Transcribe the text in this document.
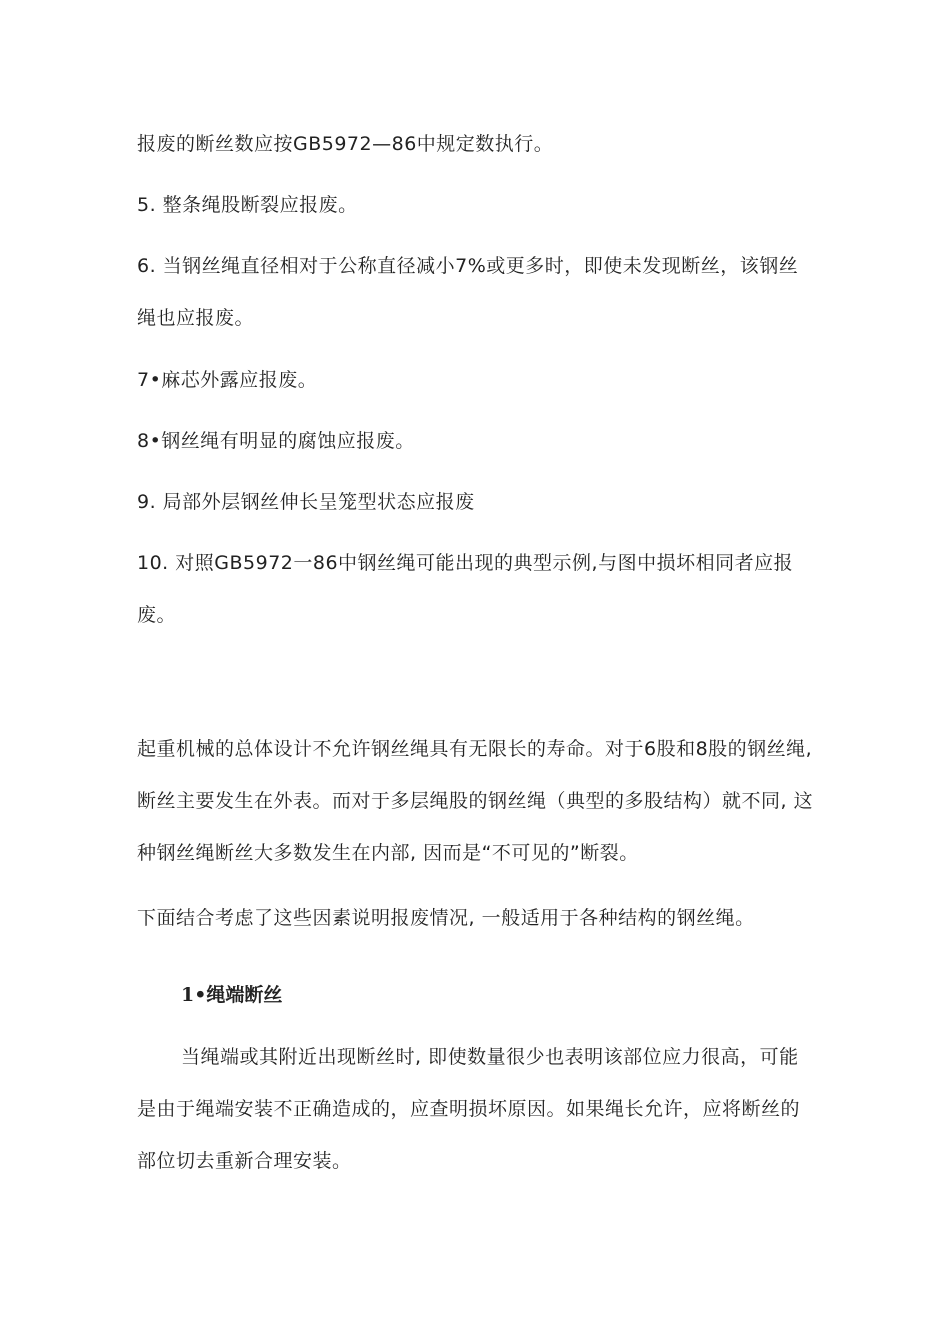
报废的断丝数应按GB5972—86中规定数执行。

5. 整条绳股断裂应报废。

6. 当钢丝绳直径相对于公称直径减小7%或更多时，即使未发现断丝，该钢丝绳也应报废。

7•麻芯外露应报废。

8•钢丝绳有明显的腐蚀应报废。

9. 局部外层钢丝伸长呈笼型状态应报废

10. 对照GB5972一86中钢丝绳可能出现的典型示例,与图中损坏相同者应报废。

起重机械的总体设计不允许钢丝绳具有无限长的寿命。对于6股和8股的钢丝绳, 断丝主要发生在外表。而对于多层绳股的钢丝绳（典型的多股结构）就不同, 这种钢丝绳断丝大多数发生在内部, 因而是“不可见的”断裂。

下面结合考虑了这些因素说明报废情况, 一般适用于各种结构的钢丝绳。

1•绳端断丝

当绳端或其附近出现断丝时, 即使数量很少也表明该部位应力很高，可能是由于绳端安装不正确造成的，应查明损坏原因。如果绳长允许，应将断丝的部位切去重新合理安装。
